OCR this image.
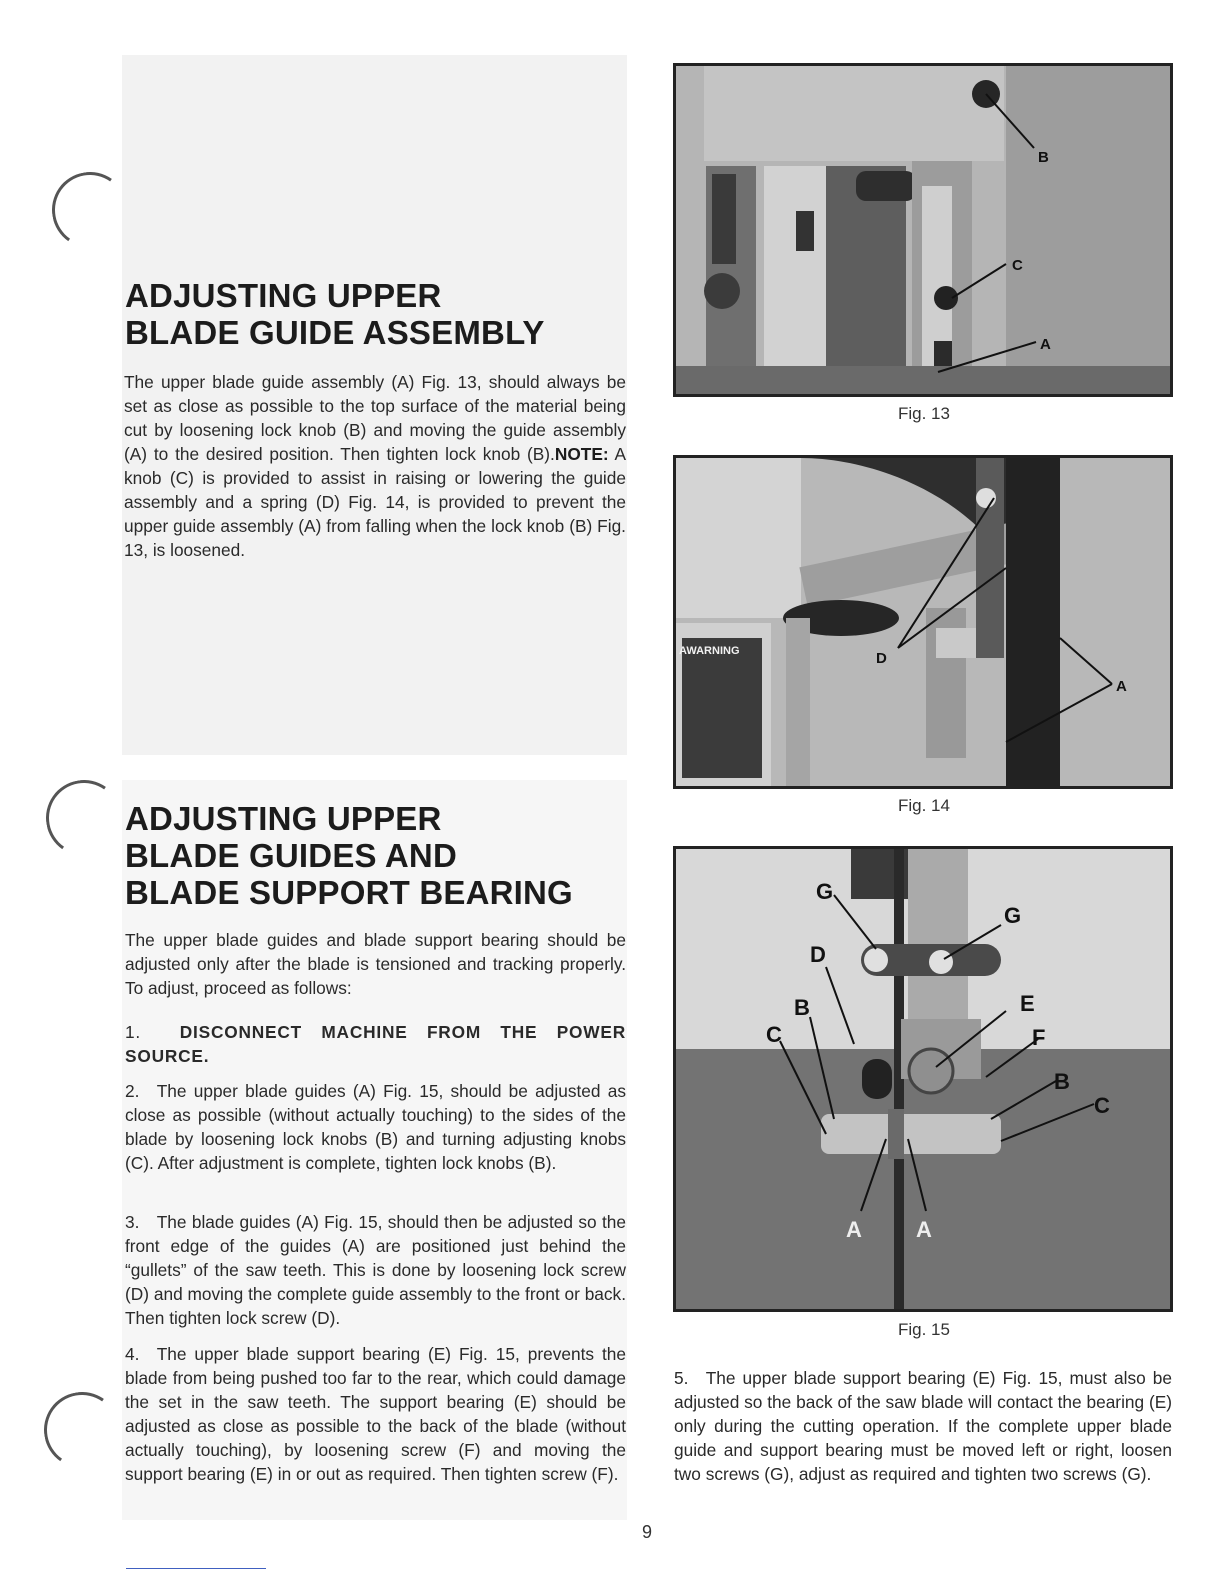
ADJUSTING UPPER
BLADE GUIDE ASSEMBLY
The upper blade guide assembly (A) Fig. 13, should always be set as close as possible to the top surface of the material being cut by loosening lock knob (B) and moving the guide assembly (A) to the desired position. Then tighten lock knob (B).NOTE: A knob (C) is provided to assist in raising or lowering the guide assembly and a spring (D) Fig. 14, is provided to prevent the upper guide assembly (A) from falling when the lock knob (B) Fig. 13, is loosened.
ADJUSTING UPPER
BLADE GUIDES AND
BLADE SUPPORT BEARING
The upper blade guides and blade support bearing should be adjusted only after the blade is tensioned and tracking properly. To adjust, proceed as follows:
1. DISCONNECT MACHINE FROM THE POWER SOURCE.
2. The upper blade guides (A) Fig. 15, should be adjusted as close as possible (without actually touching) to the sides of the blade by loosening lock knobs (B) and turning adjusting knobs (C). After adjustment is complete, tighten lock knobs (B).
3. The blade guides (A) Fig. 15, should then be adjusted so the front edge of the guides (A) are positioned just behind the “gullets” of the saw teeth. This is done by loosening lock screw (D) and moving the complete guide assembly to the front or back. Then tighten lock screw (D).
4. The upper blade support bearing (E) Fig. 15, prevents the blade from being pushed too far to the rear, which could damage the set in the saw teeth. The support bearing (E) should be adjusted as close as possible to the back of the blade (without actually touching), by loosening screw (F) and moving the support bearing (E) in or out as required. Then tighten screw (F).
5. The upper blade support bearing (E) Fig. 15, must also be adjusted so the back of the saw blade will contact the bearing (E) only during the cutting operation. If the complete upper blade guide and support bearing must be moved left or right, loosen two screws (G), adjust as required and tighten two screws (G).
B
C
A
Fig. 13
D
A
AWARNING
Fig. 14
G
G
D
B
C
E
F
B
C
A A
Fig. 15
9
